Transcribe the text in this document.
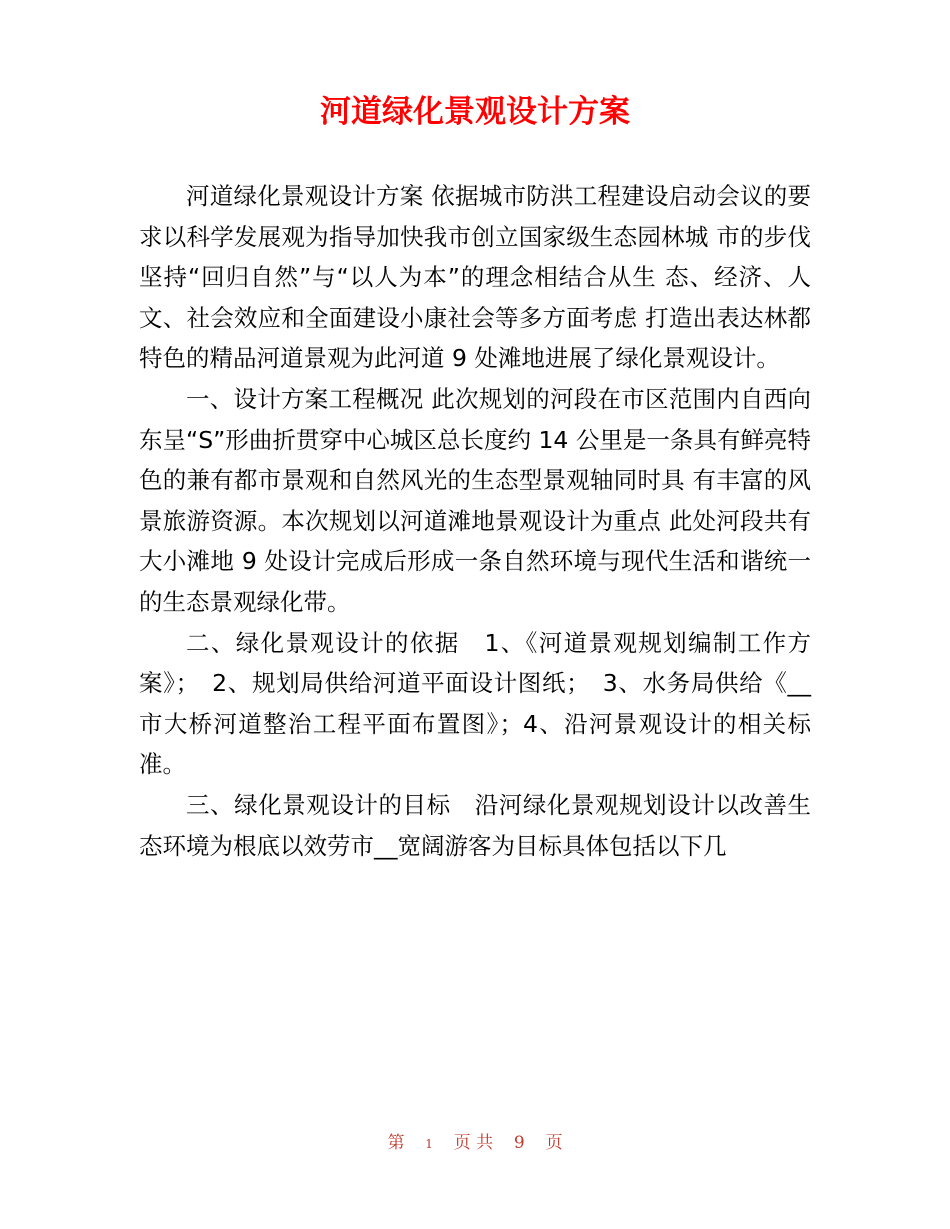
河道绿化景观设计方案

河道绿化景观设计方案 依据城市防洪工程建设启动会议的要求以科学发展观为指导加快我市创立国家级生态园林城 市的步伐坚持“回归自然”与“以人为本”的理念相结合从生 态、经济、人文、社会效应和全面建设小康社会等多方面考虑 打造出表达林都特色的精品河道景观为此河道 9 处滩地进展了绿化景观设计。

一、设计方案工程概况 此次规划的河段在市区范围内自西向东呈“S”形曲折贯穿中心城区总长度约 14 公里是一条具有鲜亮特色的兼有都市景观和自然风光的生态型景观轴同时具 有丰富的风景旅游资源。本次规划以河道滩地景观设计为重点 此处河段共有大小滩地 9 处设计完成后形成一条自然环境与现代生活和谐统一的生态景观绿化带。

二、绿化景观设计的依据　1、《河道景观规划编制工作方案》；　2、规划局供给河道平面设计图纸；　3、水务局供给《__市大桥河道整治工程平面布置图》；4、沿河景观设计的相关标准。

三、绿化景观设计的目标　沿河绿化景观规划设计以改善生态环境为根底以效劳市__宽阔游客为目标具体包括以下几

第 1 页 共 9 页
